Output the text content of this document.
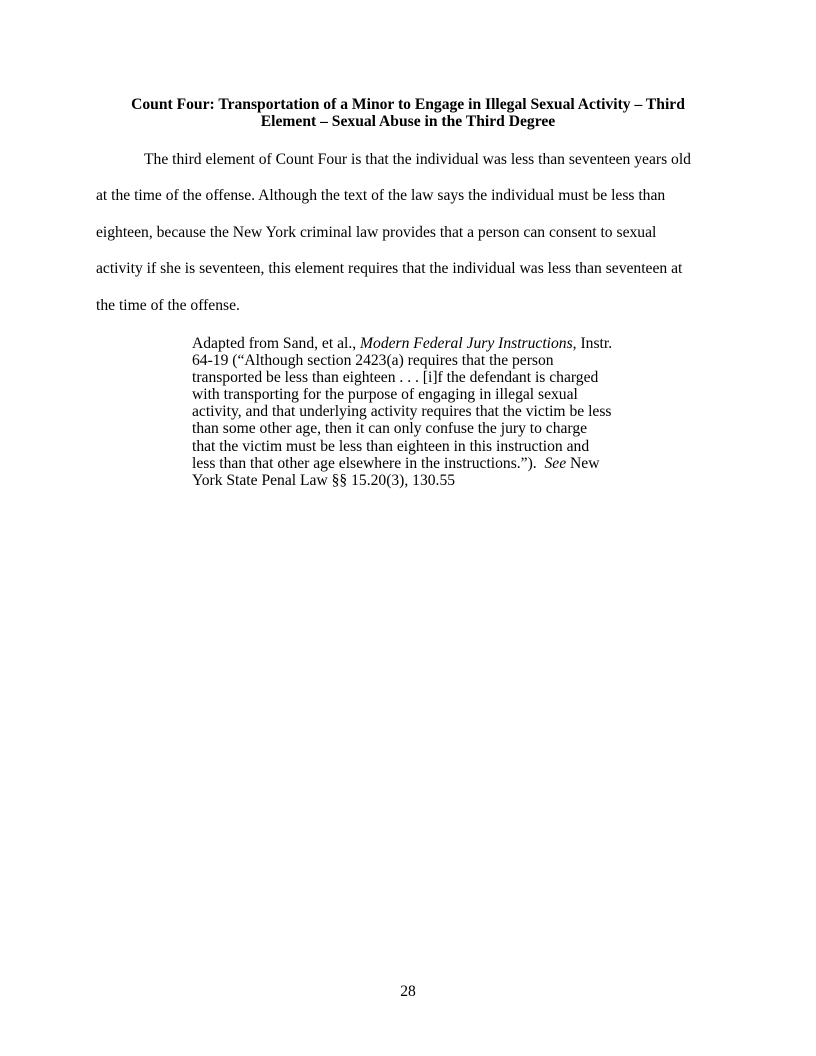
Count Four: Transportation of a Minor to Engage in Illegal Sexual Activity – Third
Element – Sexual Abuse in the Third Degree
The third element of Count Four is that the individual was less than seventeen years old
at the time of the offense. Although the text of the law says the individual must be less than
eighteen, because the New York criminal law provides that a person can consent to sexual
activity if she is seventeen, this element requires that the individual was less than seventeen at
the time of the offense.
Adapted from Sand, et al., Modern Federal Jury Instructions, Instr.
64-19 (“Although section 2423(a) requires that the person
transported be less than eighteen . . . [i]f the defendant is charged
with transporting for the purpose of engaging in illegal sexual
activity, and that underlying activity requires that the victim be less
than some other age, then it can only confuse the jury to charge
that the victim must be less than eighteen in this instruction and
less than that other age elsewhere in the instructions.”).  See New
York State Penal Law §§ 15.20(3), 130.55
28
